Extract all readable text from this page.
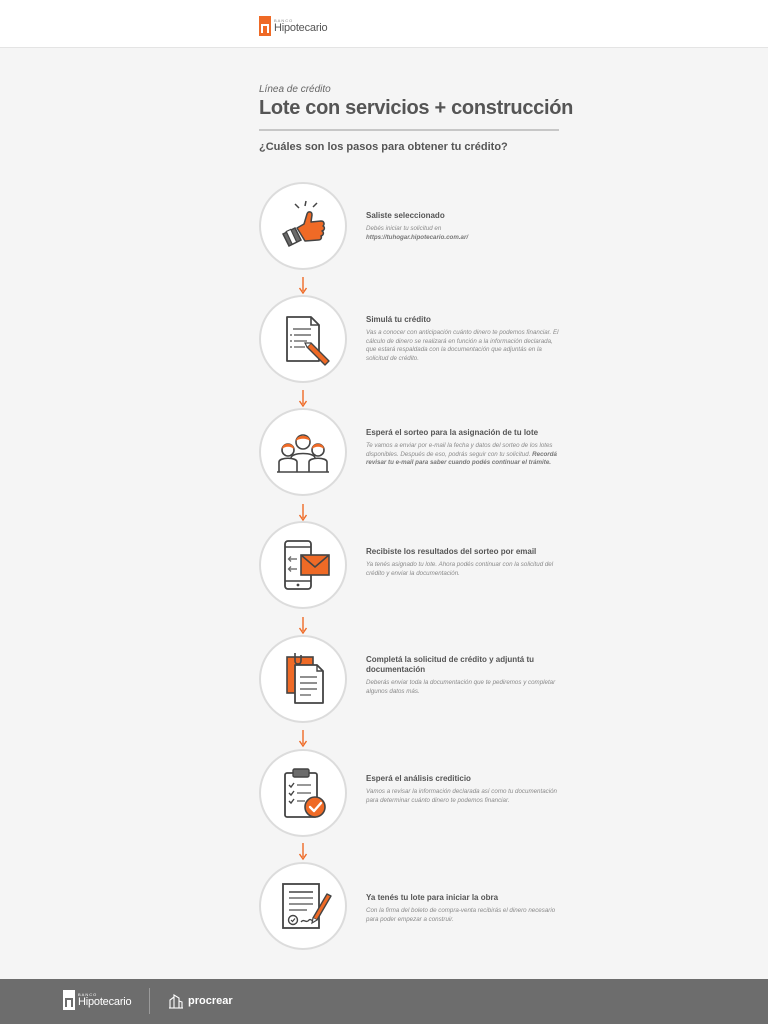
BANCO
Hipotecario
Línea de crédito
Lote con servicios + construcción
¿Cuáles son los pasos para obtener tu crédito?
Saliste seleccionado
Debés iniciar tu solicitud en
https://tuhogar.hipotecario.com.ar/
Simulá tu crédito
Vas a conocer con anticipación cuánto dinero te podemos financiar. El cálculo de dinero se realizará en función a la información declarada, que estará respaldada con la documentación que adjuntás en la solicitud de crédito.
Esperá el sorteo para la asignación de tu lote
Te vamos a enviar por e-mail la fecha y datos del sorteo de los lotes disponibles. Después de eso, podrás seguir con tu solicitud. Recordá revisar tu e-mail para saber cuando podés continuar el trámite.
Recibiste los resultados del sorteo por email
Ya tenés asignado tu lote. Ahora podés continuar con la solicitud del crédito y enviar la documentación.
Completá la solicitud de crédito y adjuntá tu documentación
Deberás enviar toda la documentación que te pediremos y completar algunos datos más.
Esperá el análisis crediticio
Vamos a revisar la información declarada así como tu documentación para determinar cuánto dinero te podemos financiar.
Ya tenés tu lote para iniciar la obra
Con la firma del boleto de compra-venta recibirás el dinero necesario para poder empezar a construir.
BANCO
Hipotecario	procrear
